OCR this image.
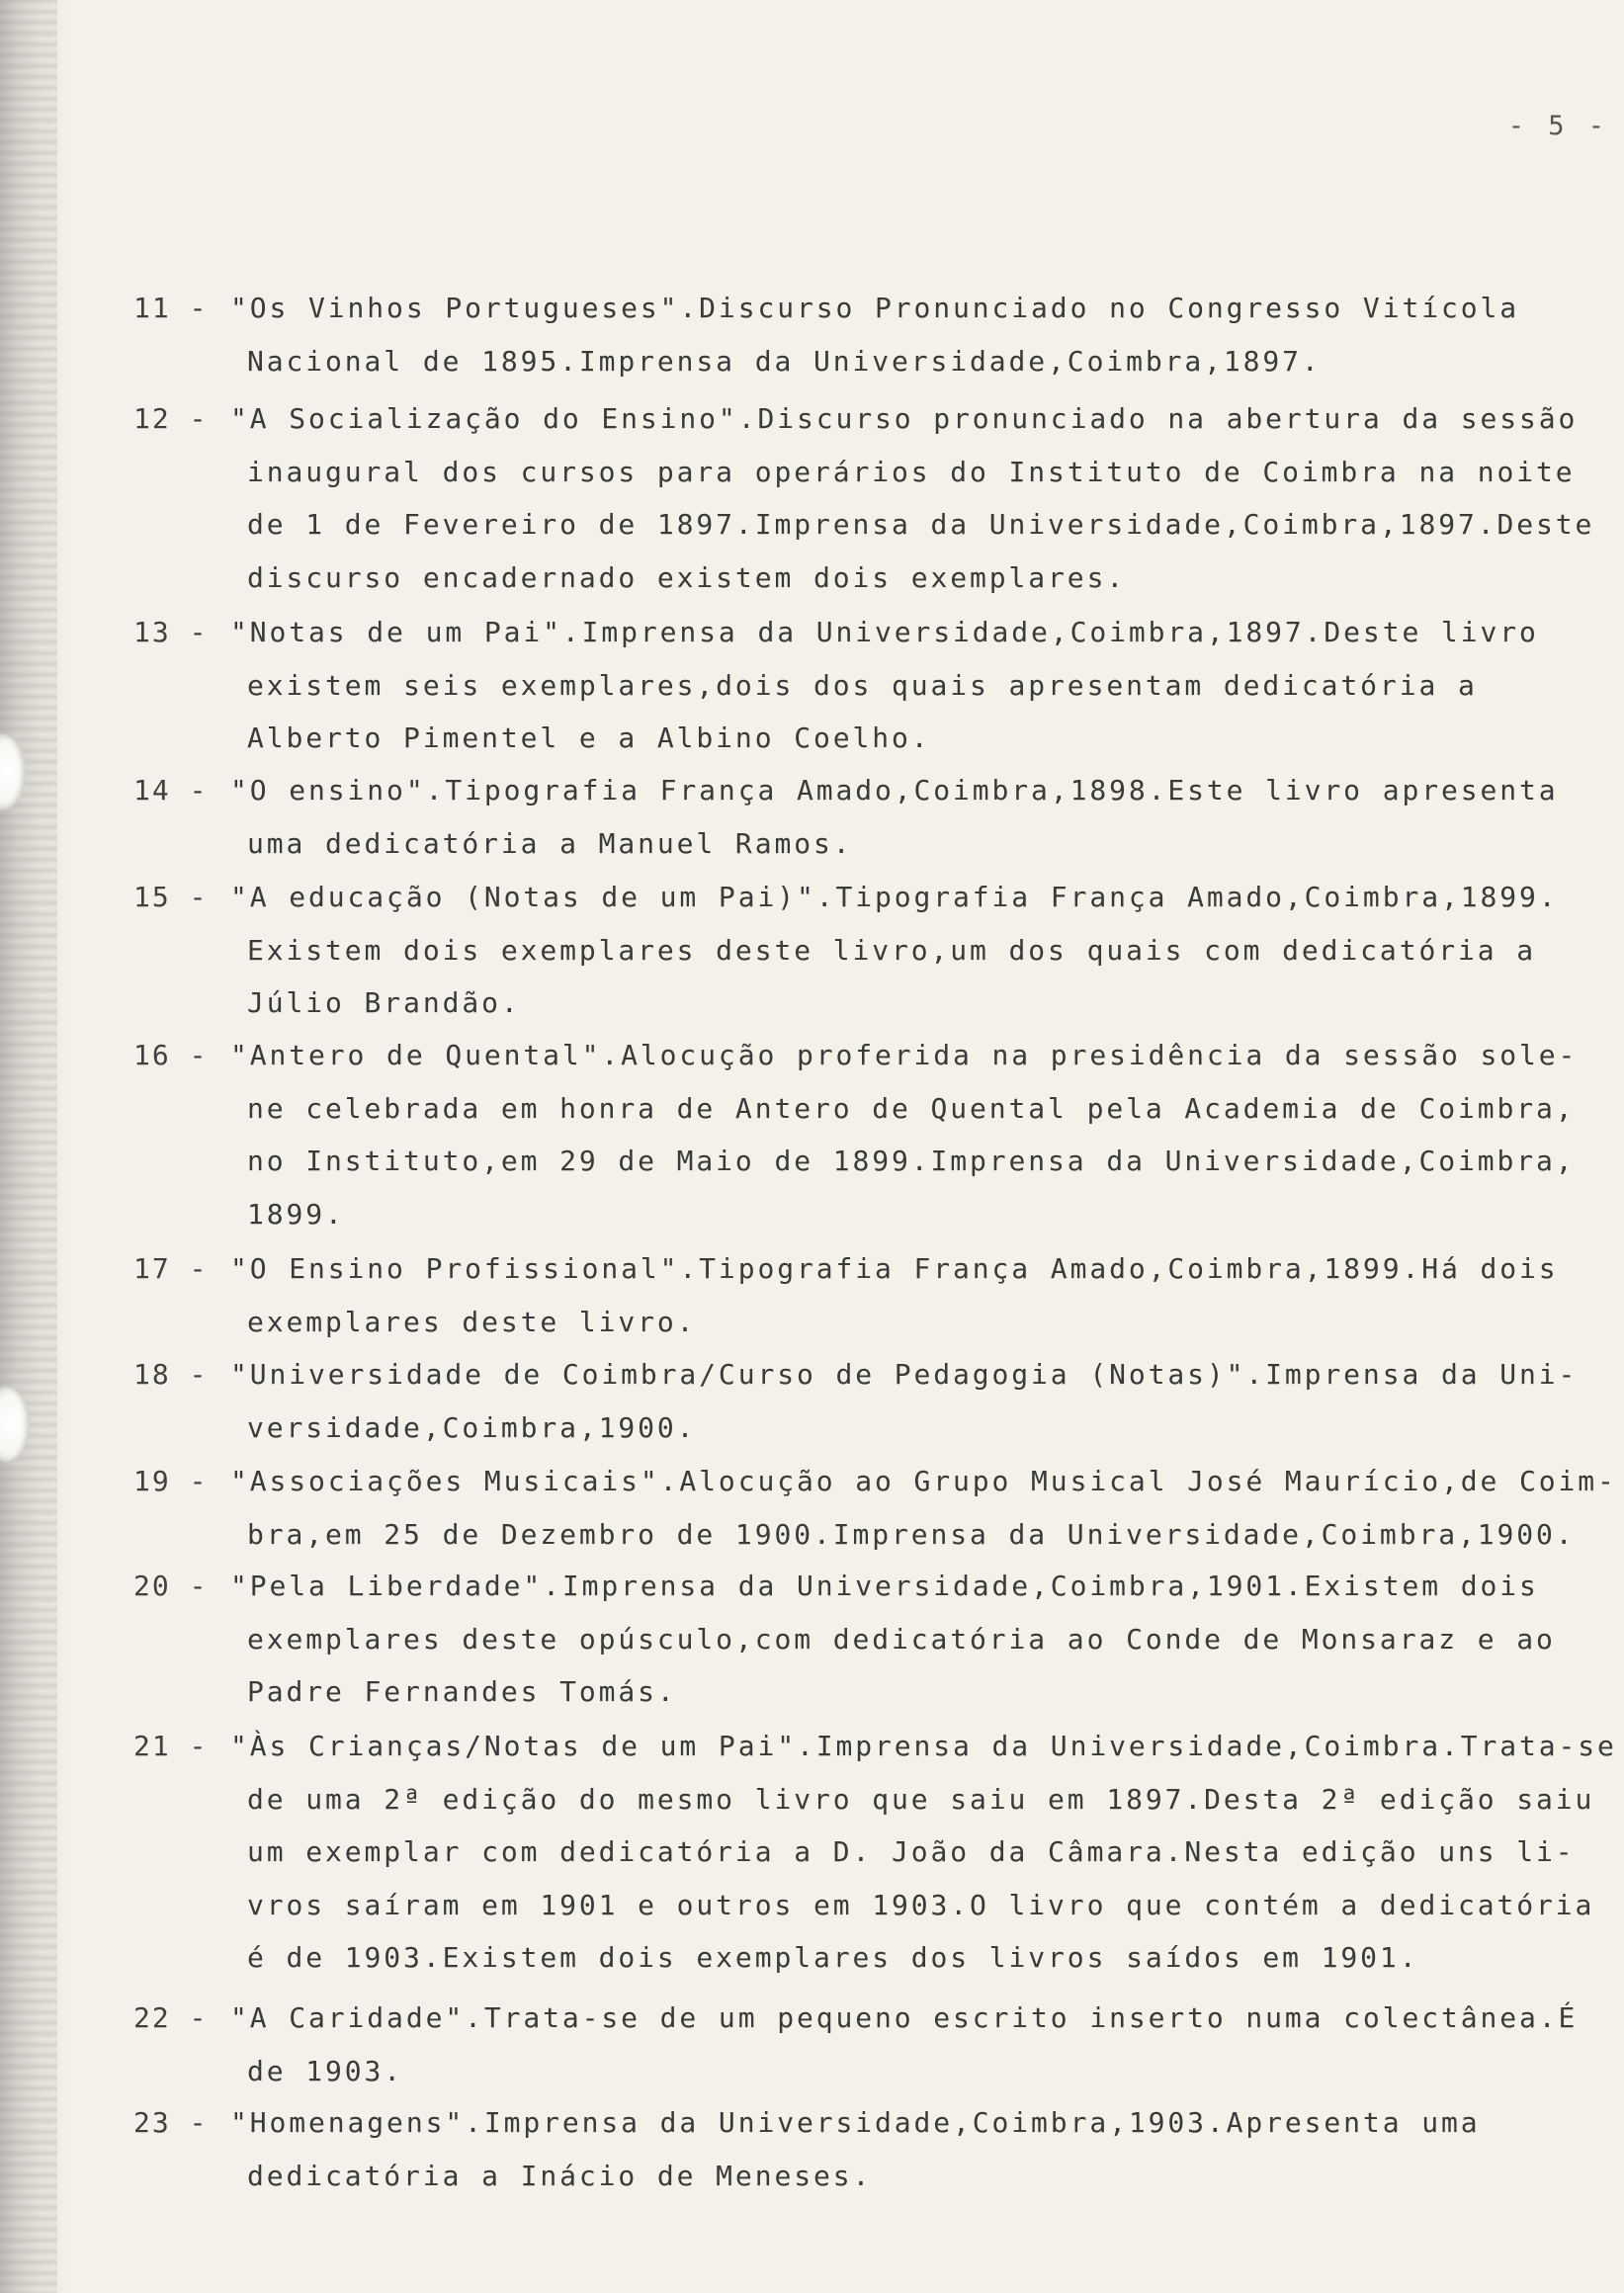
- 5 -
11 - "Os Vinhos Portugueses".Discurso Pronunciado no Congresso Vitícola
Nacional de 1895.Imprensa da Universidade,Coimbra,1897.
12 - "A Socialização do Ensino".Discurso pronunciado na abertura da sessão
inaugural dos cursos para operários do Instituto de Coimbra na noite
de 1 de Fevereiro de 1897.Imprensa da Universidade,Coimbra,1897.Deste
discurso encadernado existem dois exemplares.
13 - "Notas de um Pai".Imprensa da Universidade,Coimbra,1897.Deste livro
existem seis exemplares,dois dos quais apresentam dedicatória a
Alberto Pimentel e a Albino Coelho.
14 - "O ensino".Tipografia França Amado,Coimbra,1898.Este livro apresenta
uma dedicatória a Manuel Ramos.
15 - "A educação (Notas de um Pai)".Tipografia França Amado,Coimbra,1899.
Existem dois exemplares deste livro,um dos quais com dedicatória a
Júlio Brandão.
16 - "Antero de Quental".Alocução proferida na presidência da sessão sole-
ne celebrada em honra de Antero de Quental pela Academia de Coimbra,
no Instituto,em 29 de Maio de 1899.Imprensa da Universidade,Coimbra,
1899.
17 - "O Ensino Profissional".Tipografia França Amado,Coimbra,1899.Há dois
exemplares deste livro.
18 - "Universidade de Coimbra/Curso de Pedagogia (Notas)".Imprensa da Uni-
versidade,Coimbra,1900.
19 - "Associações Musicais".Alocução ao Grupo Musical José Maurício,de Coim-
bra,em 25 de Dezembro de 1900.Imprensa da Universidade,Coimbra,1900.
20 - "Pela Liberdade".Imprensa da Universidade,Coimbra,1901.Existem dois
exemplares deste opúsculo,com dedicatória ao Conde de Monsaraz e ao
Padre Fernandes Tomás.
21 - "Às Crianças/Notas de um Pai".Imprensa da Universidade,Coimbra.Trata-se
de uma 2ª edição do mesmo livro que saiu em 1897.Desta 2ª edição saiu
um exemplar com dedicatória a D. João da Câmara.Nesta edição uns li-
vros saíram em 1901 e outros em 1903.O livro que contém a dedicatória
é de 1903.Existem dois exemplares dos livros saídos em 1901.
22 - "A Caridade".Trata-se de um pequeno escrito inserto numa colectânea.É
de 1903.
23 - "Homenagens".Imprensa da Universidade,Coimbra,1903.Apresenta uma
dedicatória a Inácio de Meneses.
